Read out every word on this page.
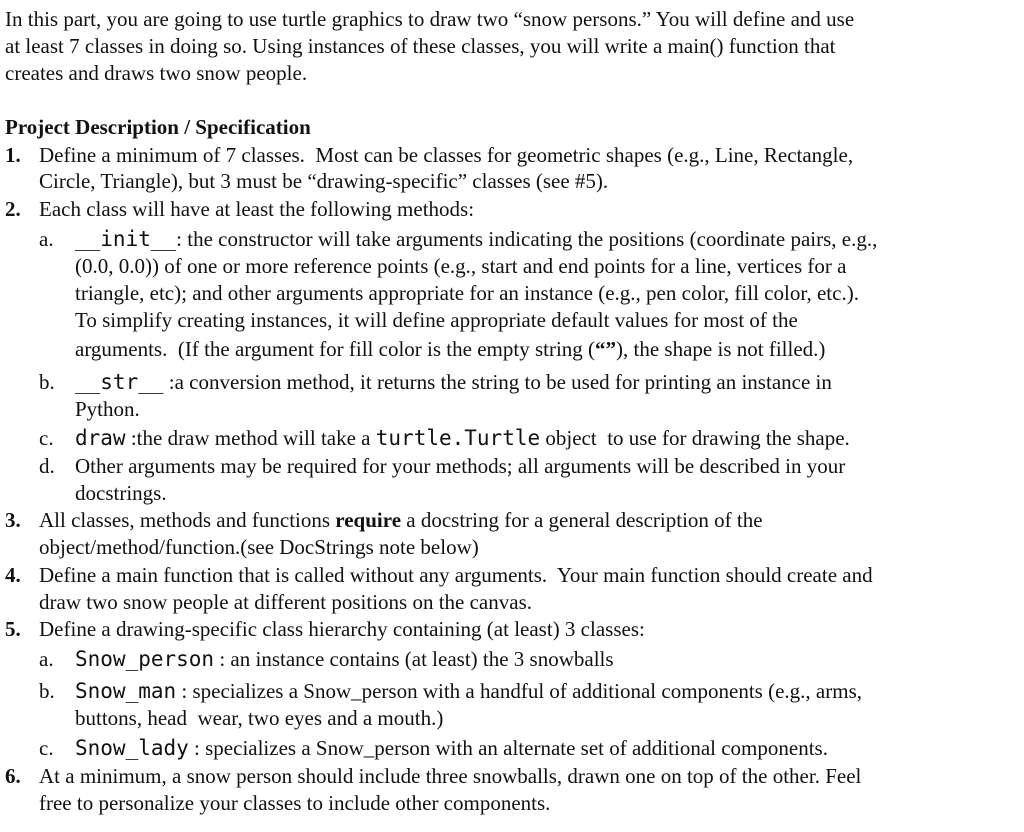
In this part, you are going to use turtle graphics to draw two “snow persons.” You will define and use
at least 7 classes in doing so. Using instances of these classes, you will write a main() function that
creates and draws two snow people.
Project Description / Specification
1. Define a minimum of 7 classes.  Most can be classes for geometric shapes (e.g., Line, Rectangle,
Circle, Triangle), but 3 must be “drawing-specific” classes (see #5).
2. Each class will have at least the following methods:
a. __init__: the constructor will take arguments indicating the positions (coordinate pairs, e.g.,
(0.0, 0.0)) of one or more reference points (e.g., start and end points for a line, vertices for a
triangle, etc); and other arguments appropriate for an instance (e.g., pen color, fill color, etc.).
To simplify creating instances, it will define appropriate default values for most of the
arguments.  (If the argument for fill color is the empty string (“”), the shape is not filled.)
b. __str__ :a conversion method, it returns the string to be used for printing an instance in
Python.
c. draw :the draw method will take a turtle.Turtle object  to use for drawing the shape.
d. Other arguments may be required for your methods; all arguments will be described in your
docstrings.
3. All classes, methods and functions require a docstring for a general description of the
object/method/function.(see DocStrings note below)
4. Define a main function that is called without any arguments.  Your main function should create and
draw two snow people at different positions on the canvas.
5. Define a drawing-specific class hierarchy containing (at least) 3 classes:
a. Snow_person : an instance contains (at least) the 3 snowballs
b. Snow_man : specializes a Snow_person with a handful of additional components (e.g., arms,
buttons, head  wear, two eyes and a mouth.)
c. Snow_lady : specializes a Snow_person with an alternate set of additional components.
6. At a minimum, a snow person should include three snowballs, drawn one on top of the other. Feel
free to personalize your classes to include other components.
